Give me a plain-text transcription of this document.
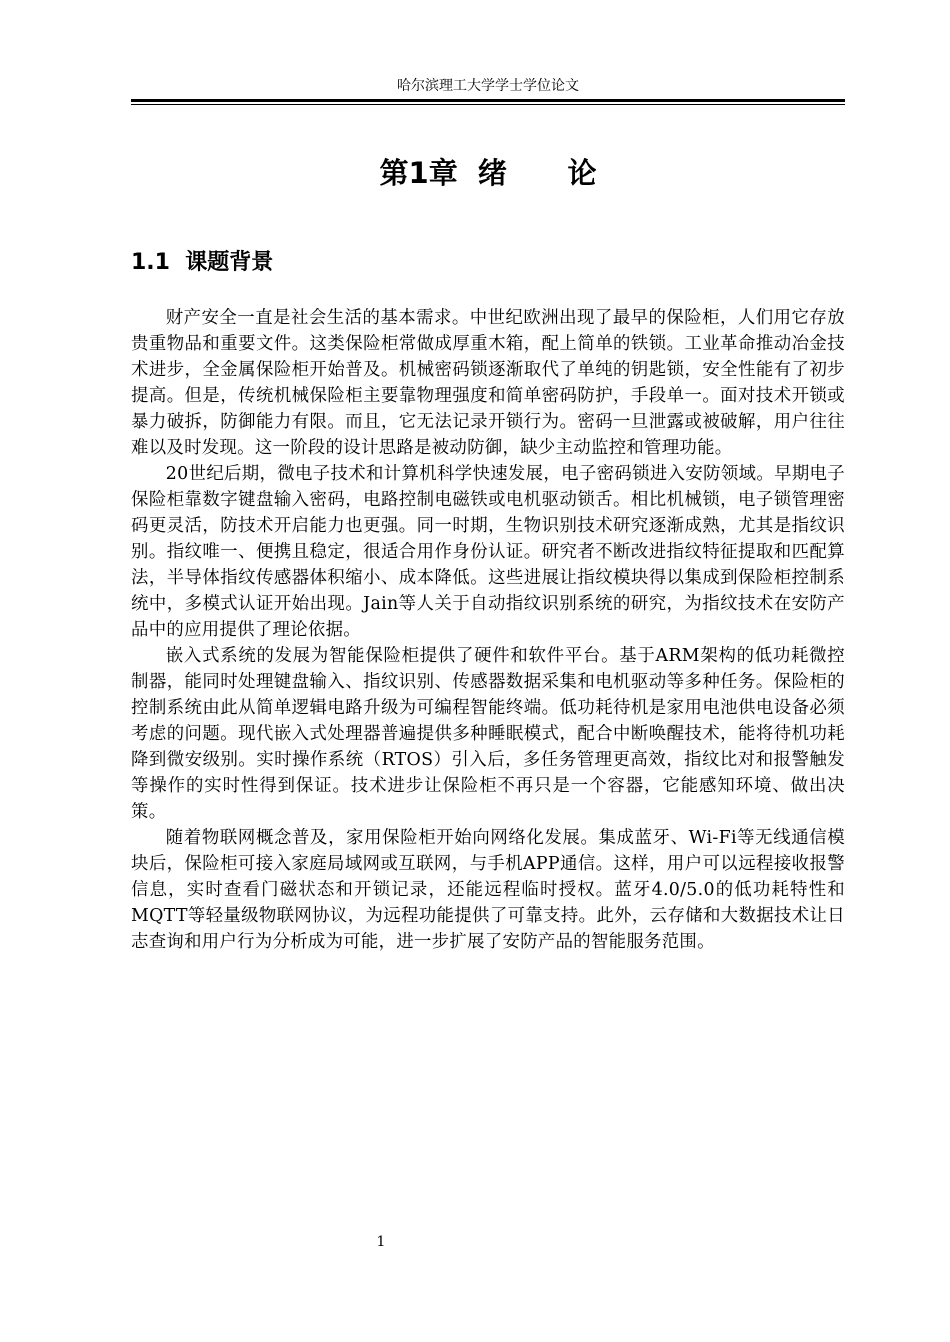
哈尔滨理工大学学士学位论文
第1章  绪      论
1.1  课题背景

财产安全一直是社会生活的基本需求。中世纪欧洲出现了最早的保险柜，人们用它存放贵重物品和重要文件。这类保险柜常做成厚重木箱，配上简单的铁锁。工业革命推动冶金技术进步，全金属保险柜开始普及。机械密码锁逐渐取代了单纯的钥匙锁，安全性能有了初步提高。但是，传统机械保险柜主要靠物理强度和简单密码防护，手段单一。面对技术开锁或暴力破拆，防御能力有限。而且，它无法记录开锁行为。密码一旦泄露或被破解，用户往往难以及时发现。这一阶段的设计思路是被动防御，缺少主动监控和管理功能。

20世纪后期，微电子技术和计算机科学快速发展，电子密码锁进入安防领域。早期电子保险柜靠数字键盘输入密码，电路控制电磁铁或电机驱动锁舌。相比机械锁，电子锁管理密码更灵活，防技术开启能力也更强。同一时期，生物识别技术研究逐渐成熟，尤其是指纹识别。指纹唯一、便携且稳定，很适合用作身份认证。研究者不断改进指纹特征提取和匹配算法，半导体指纹传感器体积缩小、成本降低。这些进展让指纹模块得以集成到保险柜控制系统中，多模式认证开始出现。Jain等人关于自动指纹识别系统的研究，为指纹技术在安防产品中的应用提供了理论依据。

嵌入式系统的发展为智能保险柜提供了硬件和软件平台。基于ARM架构的低功耗微控制器，能同时处理键盘输入、指纹识别、传感器数据采集和电机驱动等多种任务。保险柜的控制系统由此从简单逻辑电路升级为可编程智能终端。低功耗待机是家用电池供电设备必须考虑的问题。现代嵌入式处理器普遍提供多种睡眠模式，配合中断唤醒技术，能将待机功耗降到微安级别。实时操作系统（RTOS）引入后，多任务管理更高效，指纹比对和报警触发等操作的实时性得到保证。技术进步让保险柜不再只是一个容器，它能感知环境、做出决策。

随着物联网概念普及，家用保险柜开始向网络化发展。集成蓝牙、Wi-Fi等无线通信模块后，保险柜可接入家庭局域网或互联网，与手机APP通信。这样，用户可以远程接收报警信息，实时查看门磁状态和开锁记录，还能远程临时授权。蓝牙4.0/5.0的低功耗特性和MQTT等轻量级物联网协议，为远程功能提供了可靠支持。此外，云存储和大数据技术让日志查询和用户行为分析成为可能，进一步扩展了安防产品的智能服务范围。

1
